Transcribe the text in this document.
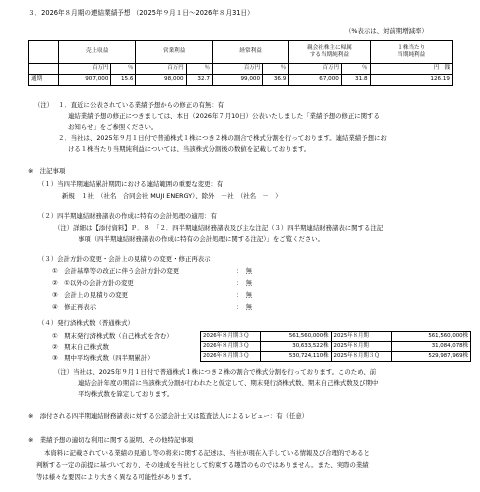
３．2026年８月期の連結業績予想 （2025年９月１日～2026年８月31日）
（%表示は、対前期増減率）
	売上収益		営業利益		経常利益		親会社株主に帰属
する当期純利益		１株当たり
当期純利益
	百万円	％	百万円	％	百万円	％	百万円	％	円　銭
通期	907,000	15.6	98,000	32.7	99,000	36.9	67,000	31.8	126.19
（注） １．直近に公表されている業績予想からの修正の有無：有
連結業績予想の修正につきましては、本日（2026年７月10日）公表いたしました「業績予想の修正に関する
お知らせ」をご参照ください。
２．当社は、2025年９月１日付で普通株式１株につき２株の割合で株式分割を行っております。連結業績予想にお
ける１株当たり当期純利益については、当該株式分割後の数値を記載しております。
※　注記事項
（１）当四半期連結累計期間における連結範囲の重要な変更：有
新規　１社　（社名　合同会社 MUJI ENERGY）、除外　－社　（社名　－　）
（２）四半期連結財務諸表の作成に特有の会計処理の適用：有
（注）詳細は【添付資料】Ｐ．８　「２．四半期連結財務諸表及び主な注記（３）四半期連結財務諸表に関する注記
事項（四半期連結財務諸表の作成に特有の会計処理に関する注記）」をご覧ください。
（３）会計方針の変更・会計上の見積りの変更・修正再表示
①　会計基準等の改正に伴う会計方針の変更	：　無
②　①以外の会計方針の変更	：　無
③　会計上の見積りの変更	：　無
④　修正再表示	：　無
（４）発行済株式数（普通株式）
①　期末発行済株式数（自己株式を含む）
②　期末自己株式数
③　期中平均株式数（四半期累計）
2026年８月期３Ｑ	561,560,000株	2025年８月期	561,560,000株
2026年８月期３Ｑ	30,633,522株	2025年８月期	31,084,078株
2026年８月期３Ｑ	530,724,110株	2025年８月期３Ｑ	529,987,969株
（注）当社は、2025年９月１日付で普通株式１株につき２株の割合で株式分割を行っております。このため、前
連結会計年度の期首に当該株式分割が行われたと仮定して、期末発行済株式数、期末自己株式数及び期中
平均株式数を算定しております。
※　添付される四半期連結財務諸表に対する公認会計士又は監査法人によるレビュー：有（任意）
※　業績予想の適切な利用に関する説明、その他特記事項
本資料に記載されている業績の見通し等の将来に関する記述は、当社が現在入手している情報及び合理的であると
判断する一定の前提に基づいており、その達成を当社として約束する趣旨のものではありません。また、実際の業績
等は様々な要因により大きく異なる可能性があります。
